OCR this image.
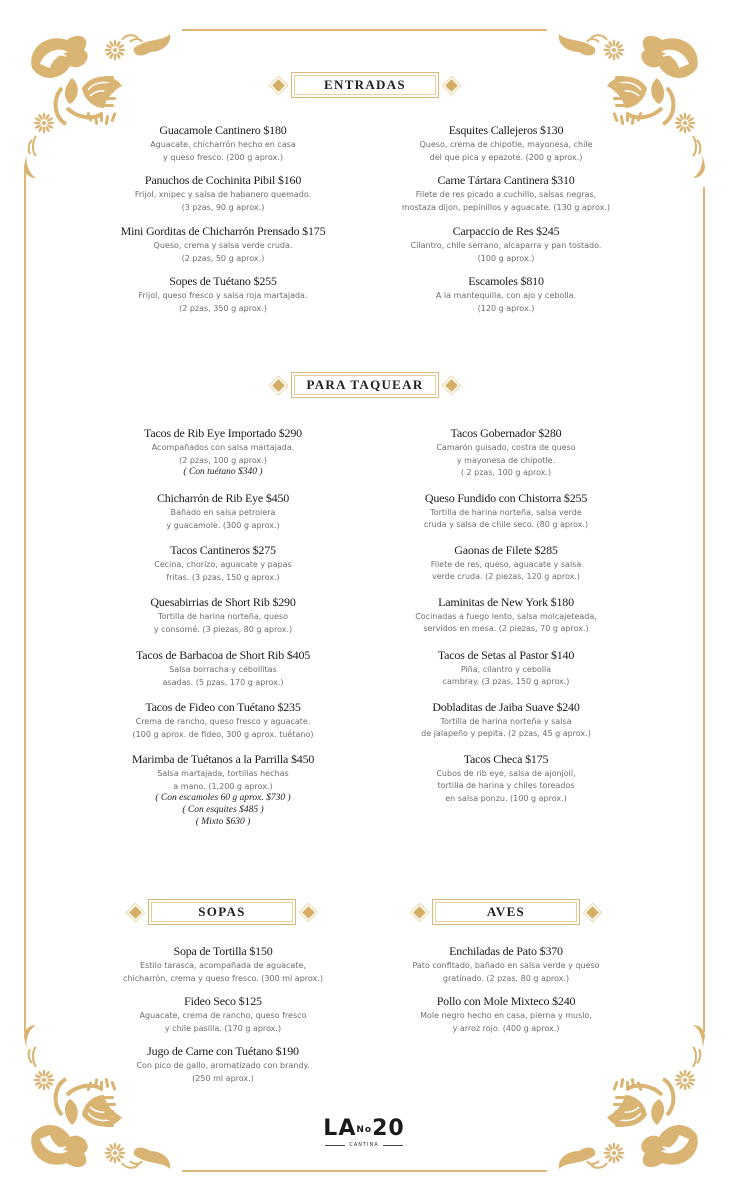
ENTRADAS
Guacamole Cantinero $180
Aguacate, chicharrón hecho en casa
y queso fresco. (200 g aprox.)
Panuchos de Cochinita Pibil $160
Frijol, xnipec y salsa de habanero quemado.
(3 pzas, 90 g aprox.)
Mini Gorditas de Chicharrón Prensado $175
Queso, crema y salsa verde cruda.
(2 pzas, 50 g aprox.)
Sopes de Tuétano $255
Frijol, queso fresco y salsa roja martajada.
(2 pzas, 350 g aprox.)
Esquites Callejeros $130
Queso, crema de chipotle, mayonesa, chile
del que pica y epazote. (200 g aprox.)
Carne Tártara Cantinera $310
Filete de res picado a cuchillo, salsas negras,
mostaza dijon, pepinillos y aguacate. (130 g aprox.)
Carpaccio de Res $245
Cilantro, chile serrano, alcaparra y pan tostado.
(100 g aprox.)
Escamoles $810
A la mantequilla, con ajo y cebolla.
(120 g aprox.)
PARA TAQUEAR
Tacos de Rib Eye Importado $290
Acompañados con salsa martajada.
(2 pzas, 100 g aprox.)
( Con tuétano $340 )
Chicharrón de Rib Eye $450
Bañado en salsa petrolera
y guacamole. (300 g aprox.)
Tacos Cantineros $275
Cecina, chorizo, aguacate y papas
fritas. (3 pzas, 150 g aprox.)
Quesabirrias de Short Rib $290
Tortilla de harina norteña, queso
y consomé. (3 piezas, 80 g aprox.)
Tacos de Barbacoa de Short Rib $405
Salsa borracha y cebollitas
asadas. (5 pzas, 170 g aprox.)
Tacos de Fideo con Tuétano $235
Crema de rancho, queso fresco y aguacate.
(100 g aprox. de fideo, 300 g aprox. tuétano)
Marimba de Tuétanos a la Parrilla $450
Salsa martajada, tortillas hechas
a mano. (1,200 g aprox.)
( Con escamoles 60 g aprox. $730 )
( Con esquites $485 )
( Mixto $630 )
Tacos Gobernador $280
Camarón guisado, costra de queso
y mayonesa de chipotle.
( 2 pzas, 100 g aprox.)
Queso Fundido con Chistorra $255
Tortilla de harina norteña, salsa verde
cruda y salsa de chile seco. (80 g aprox.)
Gaonas de Filete $285
Filete de res, queso, aguacate y salsa
verde cruda. (2 piezas, 120 g aprox.)
Laminitas de New York $180
Cocinadas a fuego lento, salsa molcajeteada,
servidos en mesa. (2 piezas, 70 g aprox.)
Tacos de Setas al Pastor $140
Piña, cilantro y cebolla
cambray. (3 pzas, 150 g aprox.)
Dobladitas de Jaiba Suave $240
Tortilla de harina norteña y salsa
de jalapeño y pepita. (2 pzas, 45 g aprox.)
Tacos Checa $175
Cubos de rib eye, salsa de ajonjolí,
tortilla de harina y chiles toreados
en salsa ponzu. (100 g aprox.)
SOPAS	AVES
Sopa de Tortilla $150
Estilo tarasca, acompañada de aguacate,
chicharrón, crema y queso fresco. (300 ml aprox.)
Fideo Seco $125
Aguacate, crema de rancho, queso fresco
y chile pasilla. (170 g aprox.)
Jugo de Carne con Tuétano $190
Con pico de gallo, aromatizado con brandy.
(250 ml aprox.)
Enchiladas de Pato $370
Pato confitado, bañado en salsa verde y queso
gratinado. (2 pzas, 80 g aprox.)
Pollo con Mole Mixteco $240
Mole negro hecho en casa, pierna y muslo,
y arroz rojo. (400 g aprox.)
$LA^{No}20$
CANTINA
